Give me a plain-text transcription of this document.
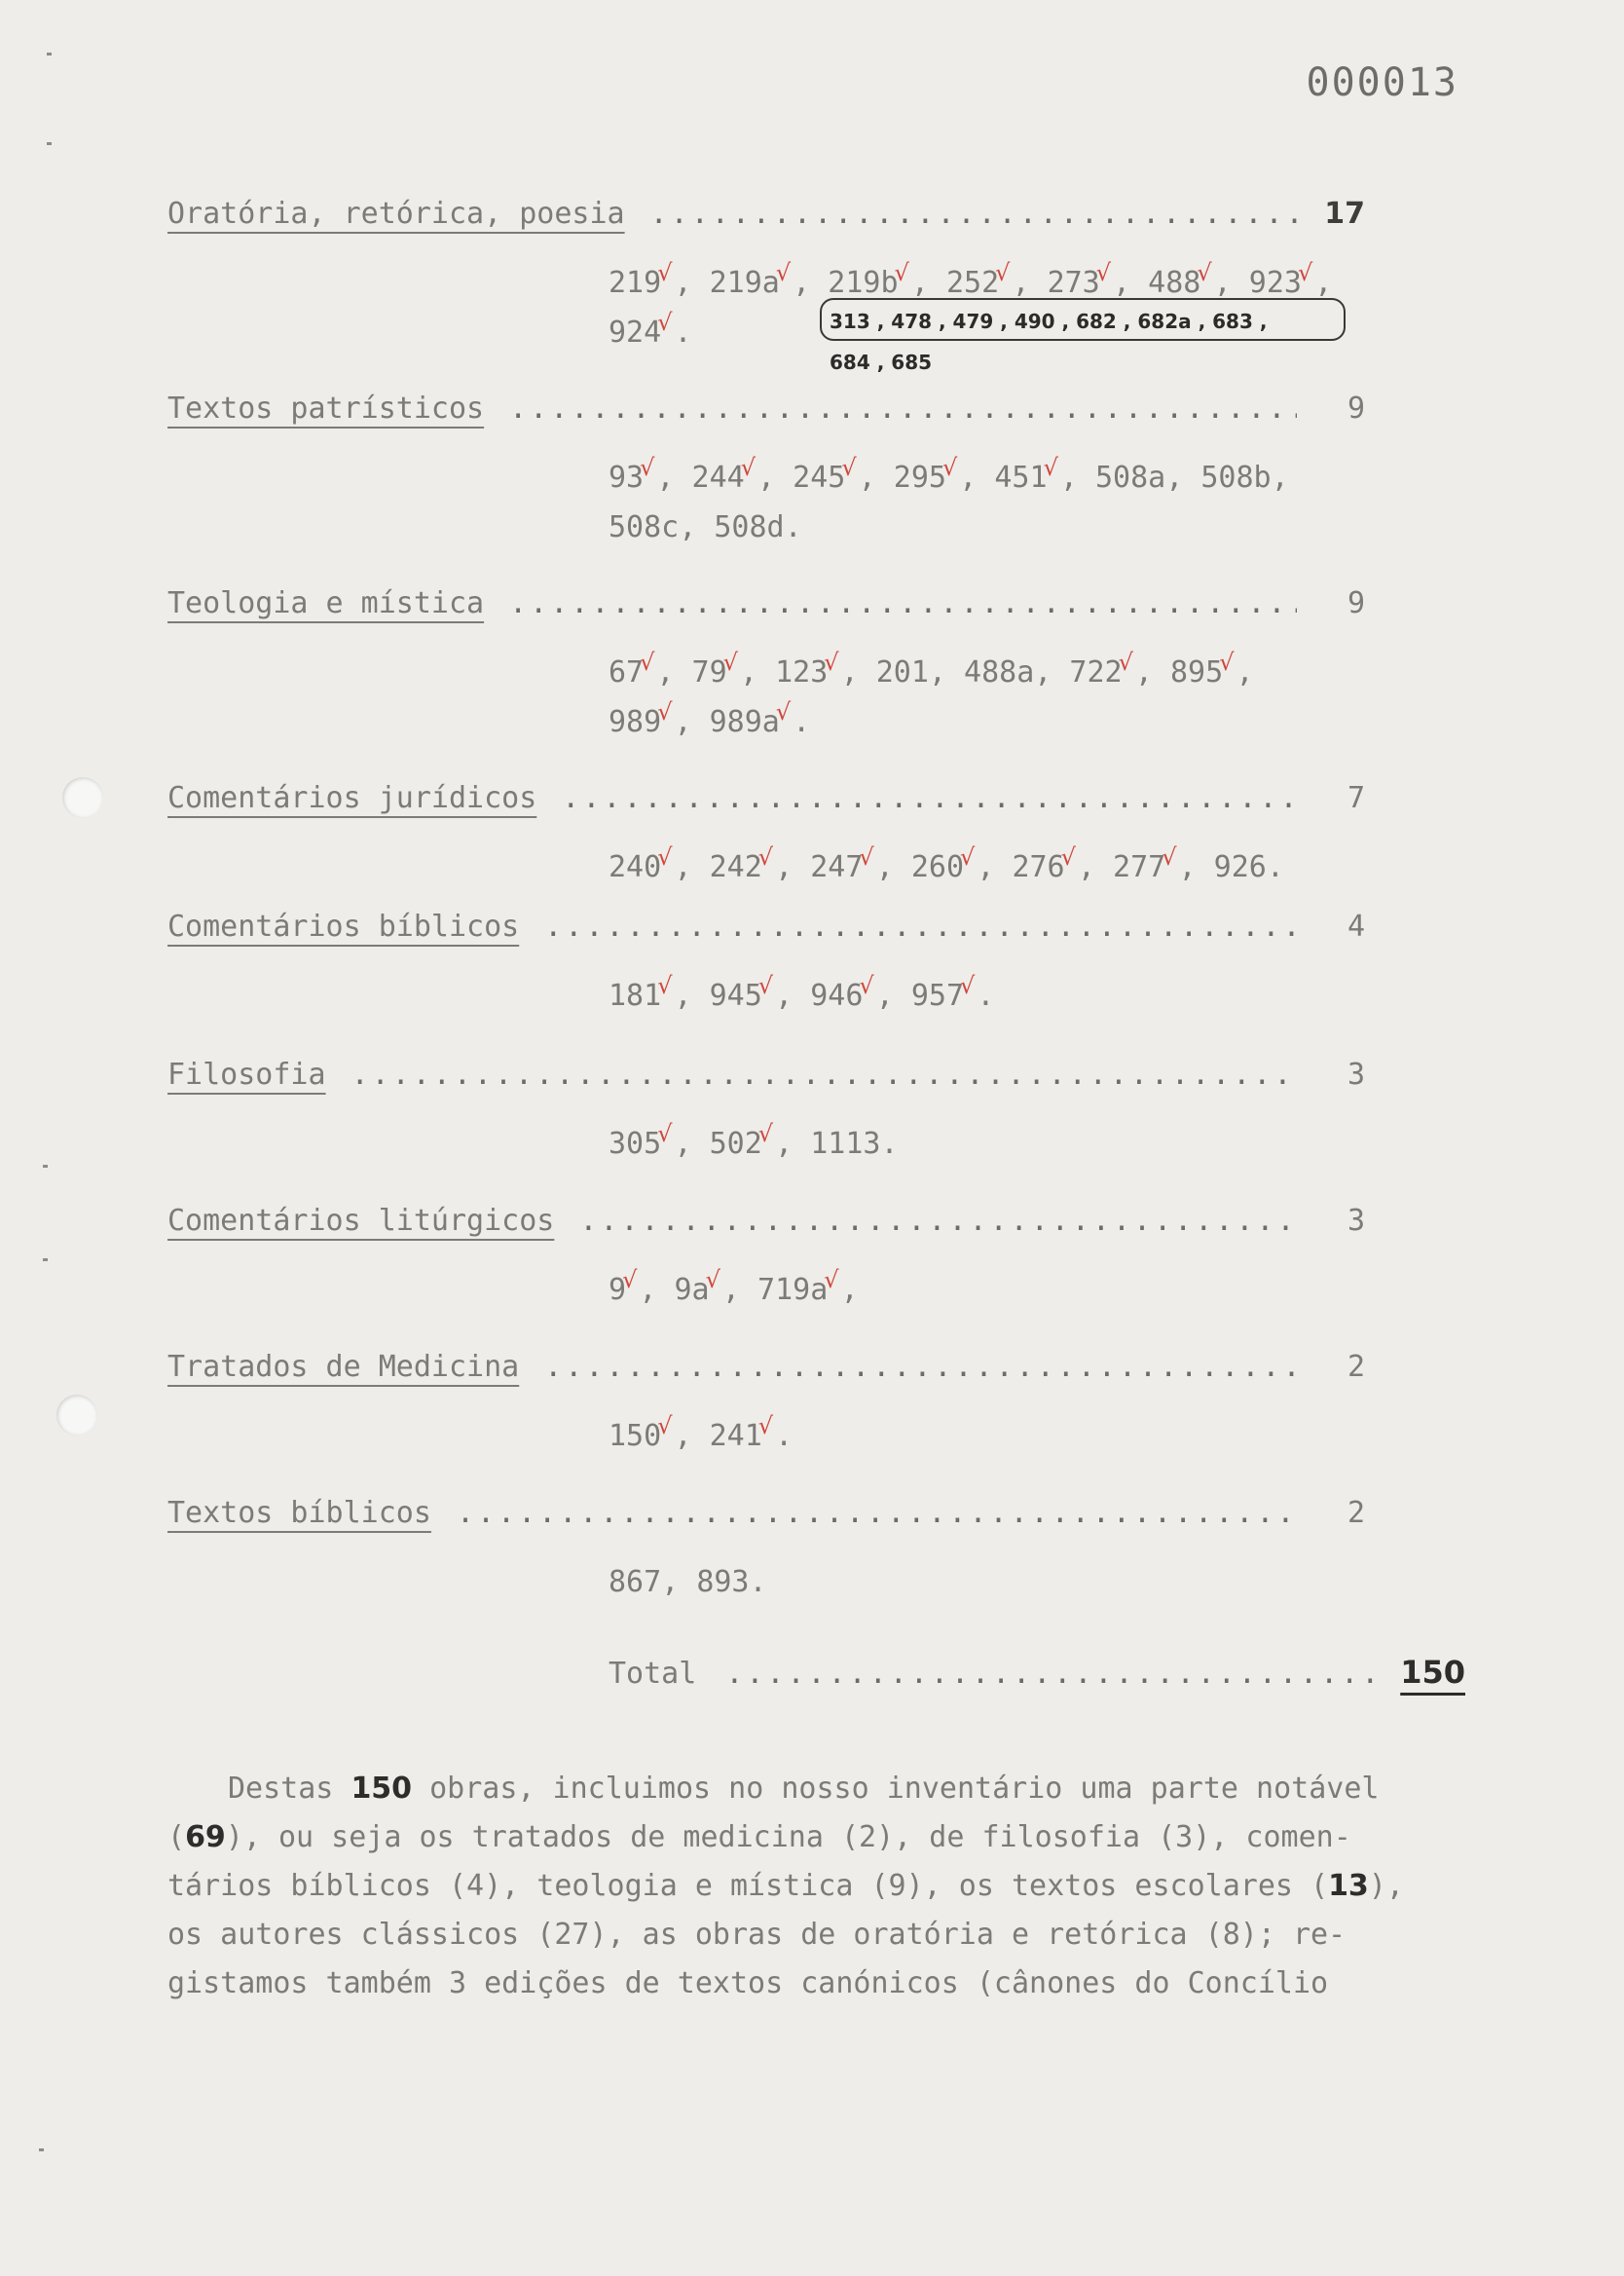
000013
Oratória, retórica, poesia .....	17
219√, 219a√, 219b√, 252√, 273√, 488√, 923√,
924√.	313 , 478 , 479 , 490 , 682 , 682a , 683 ,
684 , 685
Textos patrísticos .....	9
93√, 244√, 245√, 295√, 451√, 508a, 508b,
508c, 508d.
Teologia e mística .....	9
67√, 79√, 123√, 201, 488a, 722√, 895√,
989√, 989a√.
Comentários jurídicos .....	7
240√, 242√, 247√, 260√, 276√, 277√, 926.
Comentários bíblicos .....	4
181√, 945√, 946√, 957√.
Filosofia .....	3
305√, 502√, 1113.
Comentários litúrgicos .....	3
9√, 9a√, 719a√,
Tratados de Medicina .....	2
150√, 241√.
Textos bíblicos .....	2
867, 893.
Total .....	150
Destas 150 obras, incluimos no nosso inventário uma parte notável
(69), ou seja os tratados de medicina (2), de filosofia (3), comen-
tários bíblicos (4), teologia e mística (9), os textos escolares (13),
os autores clássicos (27), as obras de oratória e retórica (8); re-
gistamos também 3 edições de textos canónicos (cânones do Concílio
